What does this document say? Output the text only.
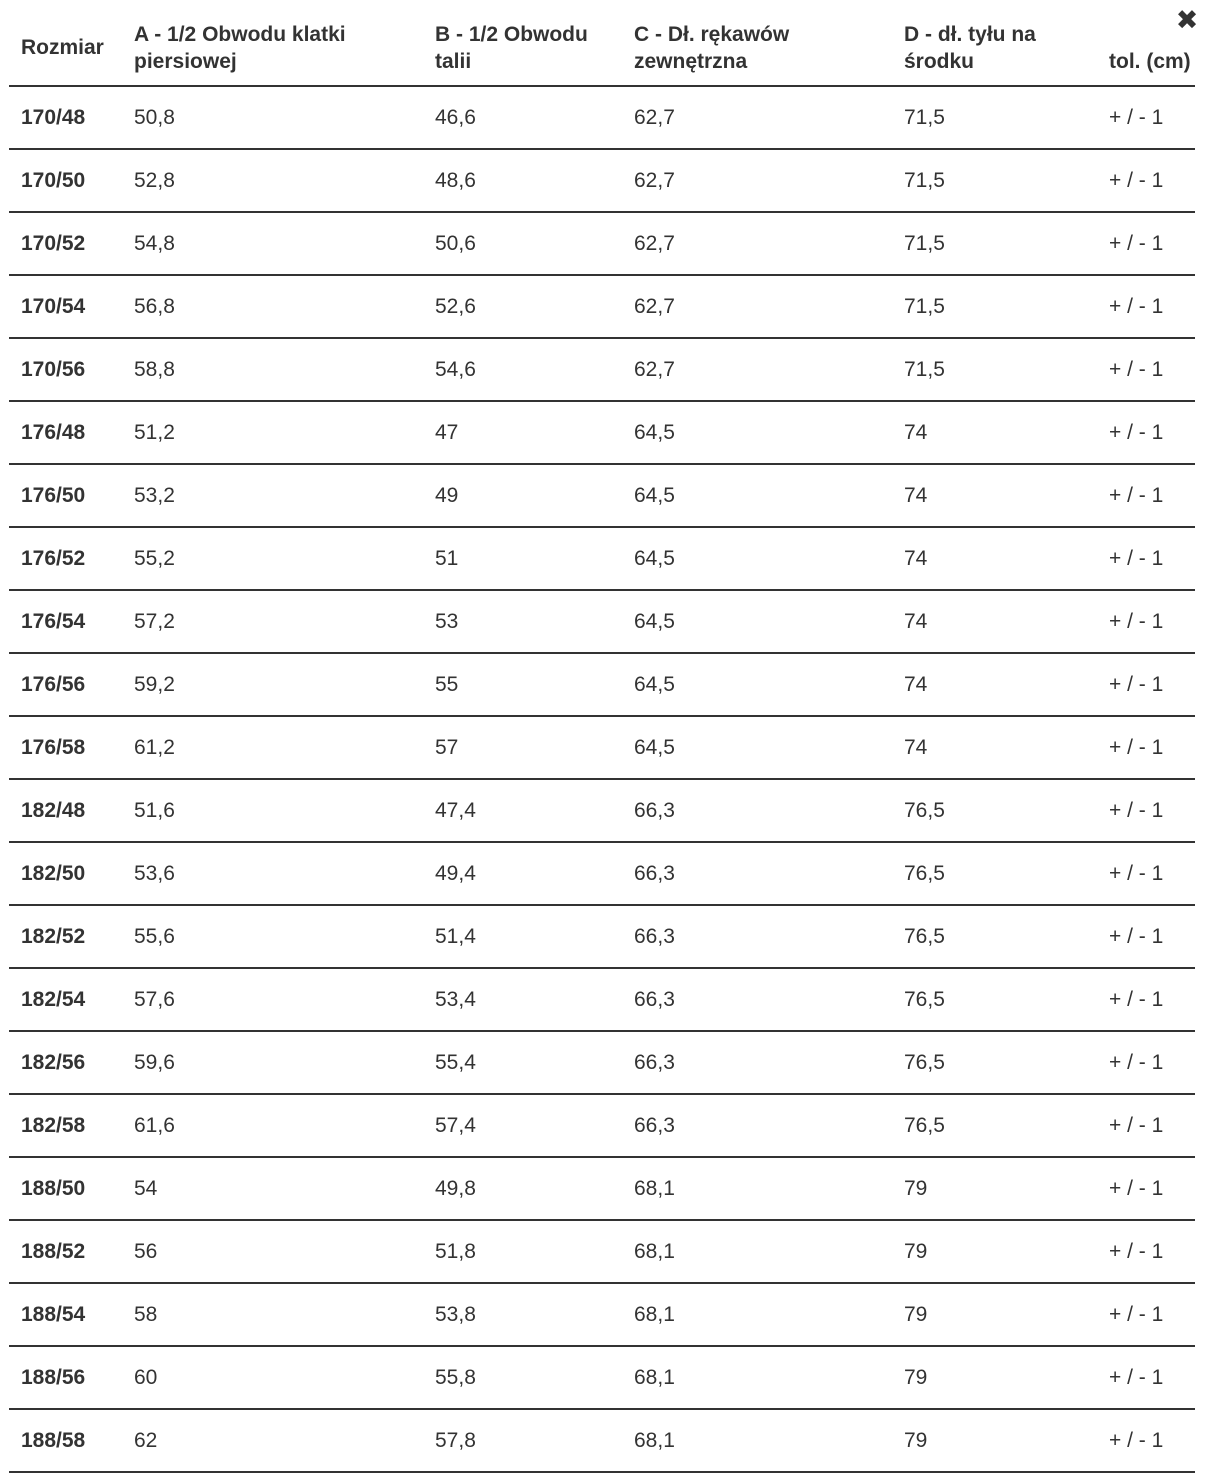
✖
Rozmiar	A - 1/2 Obwodu klatki piersiowej	B - 1/2 Obwodu talii	C - Dł. rękawów zewnętrzna	D - dł. tyłu na środku	tol. (cm)

170/48	50,8	46,6	62,7	71,5	+ / - 1
170/50	52,8	48,6	62,7	71,5	+ / - 1
170/52	54,8	50,6	62,7	71,5	+ / - 1
170/54	56,8	52,6	62,7	71,5	+ / - 1
170/56	58,8	54,6	62,7	71,5	+ / - 1
176/48	51,2	47	64,5	74	+ / - 1
176/50	53,2	49	64,5	74	+ / - 1
176/52	55,2	51	64,5	74	+ / - 1
176/54	57,2	53	64,5	74	+ / - 1
176/56	59,2	55	64,5	74	+ / - 1
176/58	61,2	57	64,5	74	+ / - 1
182/48	51,6	47,4	66,3	76,5	+ / - 1
182/50	53,6	49,4	66,3	76,5	+ / - 1
182/52	55,6	51,4	66,3	76,5	+ / - 1
182/54	57,6	53,4	66,3	76,5	+ / - 1
182/56	59,6	55,4	66,3	76,5	+ / - 1
182/58	61,6	57,4	66,3	76,5	+ / - 1
188/50	54	49,8	68,1	79	+ / - 1
188/52	56	51,8	68,1	79	+ / - 1
188/54	58	53,8	68,1	79	+ / - 1
188/56	60	55,8	68,1	79	+ / - 1
188/58	62	57,8	68,1	79	+ / - 1
